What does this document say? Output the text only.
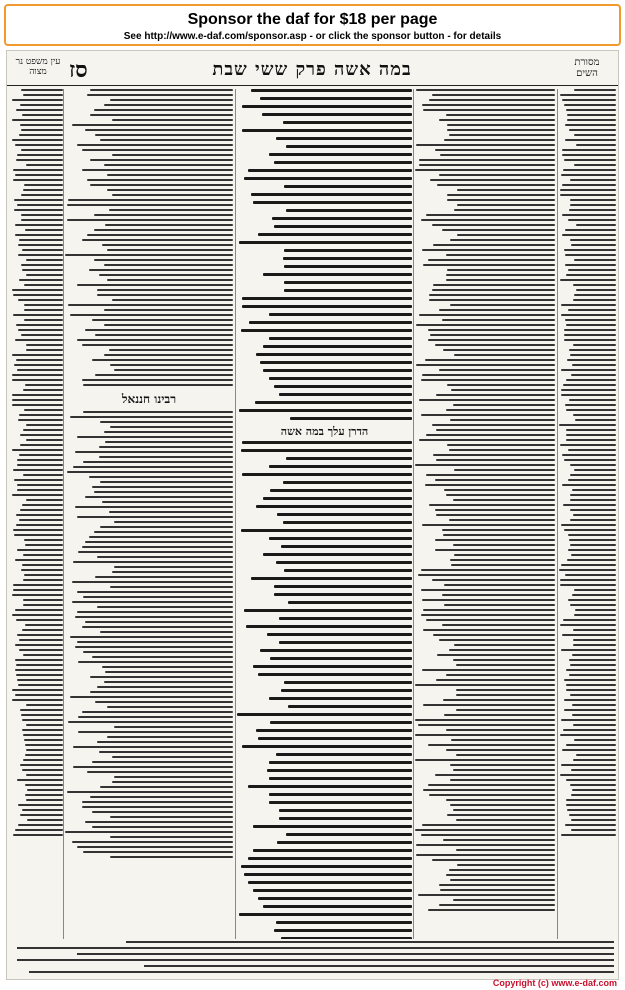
Sponsor the daf for $18 per page
See http://www.e-daf.com/sponsor.asp - or click the sponsor button - for details
עין משפט נר מצוה	סז	במה אשה פרק ששי שבת	מסורת השים
רבינו חננאל
הדרן עלך במה אשה
Copyright (c) www.e-daf.com
